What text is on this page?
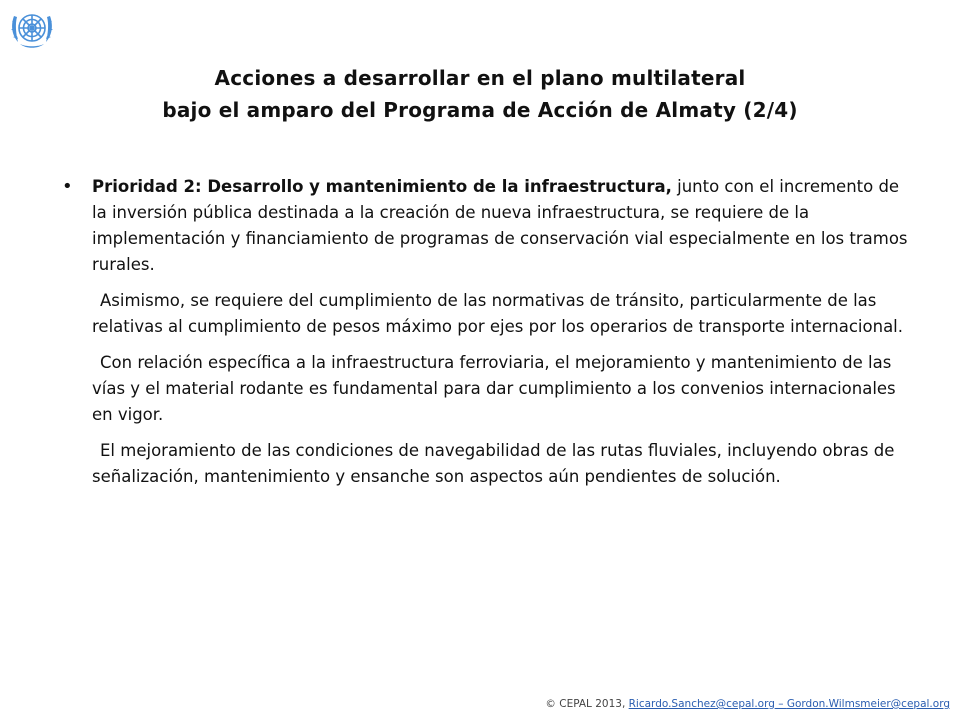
Acciones a desarrollar en el plano multilateral
bajo el amparo del Programa de Acción de Almaty (2/4)
•	Prioridad 2: Desarrollo y mantenimiento de la infraestructura, junto con el incremento de la inversión pública destinada a la creación de nueva infraestructura, se requiere de la implementación y financiamiento de programas de conservación vial especialmente en los tramos rurales.
Asimismo, se requiere del cumplimiento de las normativas de tránsito, particularmente de las relativas al cumplimiento de pesos máximo por ejes por los operarios de transporte internacional.
Con relación específica a la infraestructura ferroviaria, el mejoramiento y mantenimiento de las vías y el material rodante es fundamental para dar cumplimiento a los convenios internacionales en vigor.
El mejoramiento de las condiciones de navegabilidad de las rutas fluviales, incluyendo obras de señalización, mantenimiento y ensanche son aspectos aún pendientes de solución.
© CEPAL 2013, Ricardo.Sanchez@cepal.org – Gordon.Wilmsmeier@cepal.org
